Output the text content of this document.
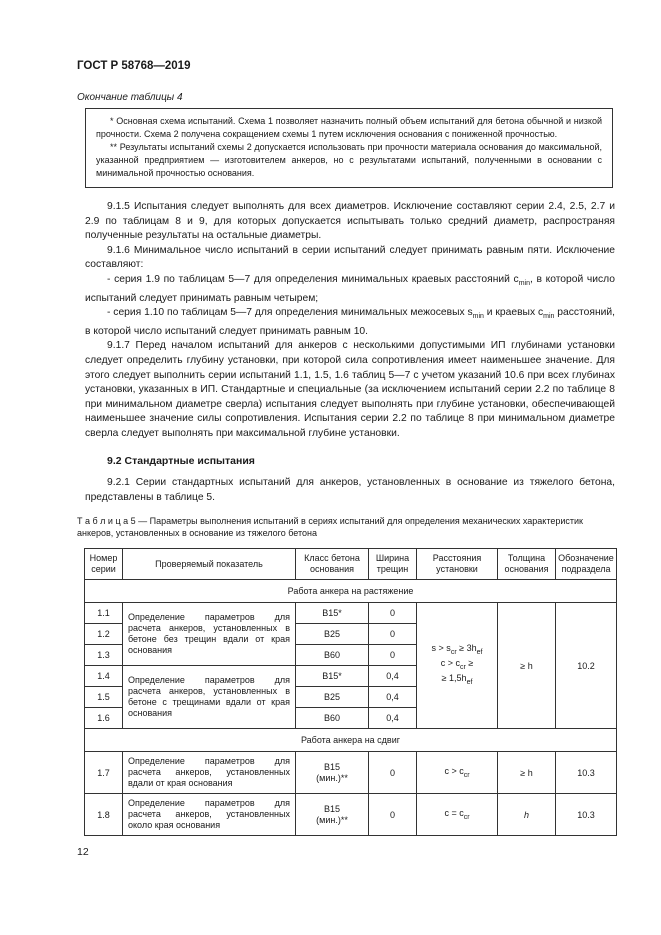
ГОСТ Р 58768—2019
Окончание таблицы 4

* Основная схема испытаний. Схема 1 позволяет назначить полный объем испытаний для бетона обычной и низкой прочности. Схема 2 получена сокращением схемы 1 путем исключения основания с пониженной прочностью.

** Результаты испытаний схемы 2 допускается использовать при прочности материала основания до максимальной, указанной предприятием — изготовителем анкеров, но с результатами испытаний, полученными в основании с минимальной прочностью основания.

9.1.5 Испытания следует выполнять для всех диаметров. Исключение составляют серии 2.4, 2.5, 2.7 и 2.9 по таблицам 8 и 9, для которых допускается испытывать только средний диаметр, распространяя полученные результаты на остальные диаметры.

9.1.6 Минимальное число испытаний в серии испытаний следует принимать равным пяти. Исключение составляют:

- серия 1.9 по таблицам 5—7 для определения минимальных краевых расстояний $c_{min}$, в которой число испытаний следует принимать равным четырем;

- серия 1.10 по таблицам 5—7 для определения минимальных межосевых $s_{min}$ и краевых $c_{min}$ расстояний, в которой число испытаний следует принимать равным 10.

9.1.7 Перед началом испытаний для анкеров с несколькими допустимыми ИП глубинами установки следует определить глубину установки, при которой сила сопротивления имеет наименьшее значение. Для этого следует выполнить серии испытаний 1.1, 1.5, 1.6 таблиц 5—7 с учетом указаний 10.6 при всех глубинах установки, указанных в ИП. Стандартные и специальные (за исключением испытаний серии 2.2 по таблице 8 при минимальном диаметре сверла) испытания следует выполнять при глубине установки, обеспечивающей наименьшее значение силы сопротивления. Испытания серии 2.2 по таблице 8 при минимальном диаметре сверла следует выполнять при максимальной глубине установки.

9.2 Стандартные испытания

9.2.1 Серии стандартных испытаний для анкеров, установленных в основание из тяжелого бетона, представлены в таблице 5.

Т а б л и ц а 5 — Параметры выполнения испытаний в сериях испытаний для определения механических характеристик анкеров, установленных в основание из тяжелого бетона
Номер серии	Проверяемый показатель	Класс бетона основания	Ширина трещин	Расстояния установки	Толщина основания	Обозначение подраздела
Работа анкера на растяжение						
1.1	Определение параметров для расчета анкеров, установленных в бетоне без трещин вдали от края основания	B15*	0	$s > s_{cr} \ge 3h_{ef}$
$c > c_{cr}$ ≥
≥ $1,5h_{ef}$	≥ h	10.2
1.2		B25	0			
1.3		B60	0			
1.4	Определение параметров для расчета анкеров, установленных в бетоне с трещинами вдали от края основания	B15*	0,4			
1.5		B25	0,4			
1.6		B60	0,4			
Работа анкера на сдвиг						
1.7	Определение параметров для расчета анкеров, установленных вдали от края основания	B15 (мин.)**	0	$c > c_{cr}$	≥ h	10.3
1.8	Определение параметров для расчета анкеров, установленных около края основания	B15 (мин.)**	0	$c = c_{cr}$	h	10.3
12
